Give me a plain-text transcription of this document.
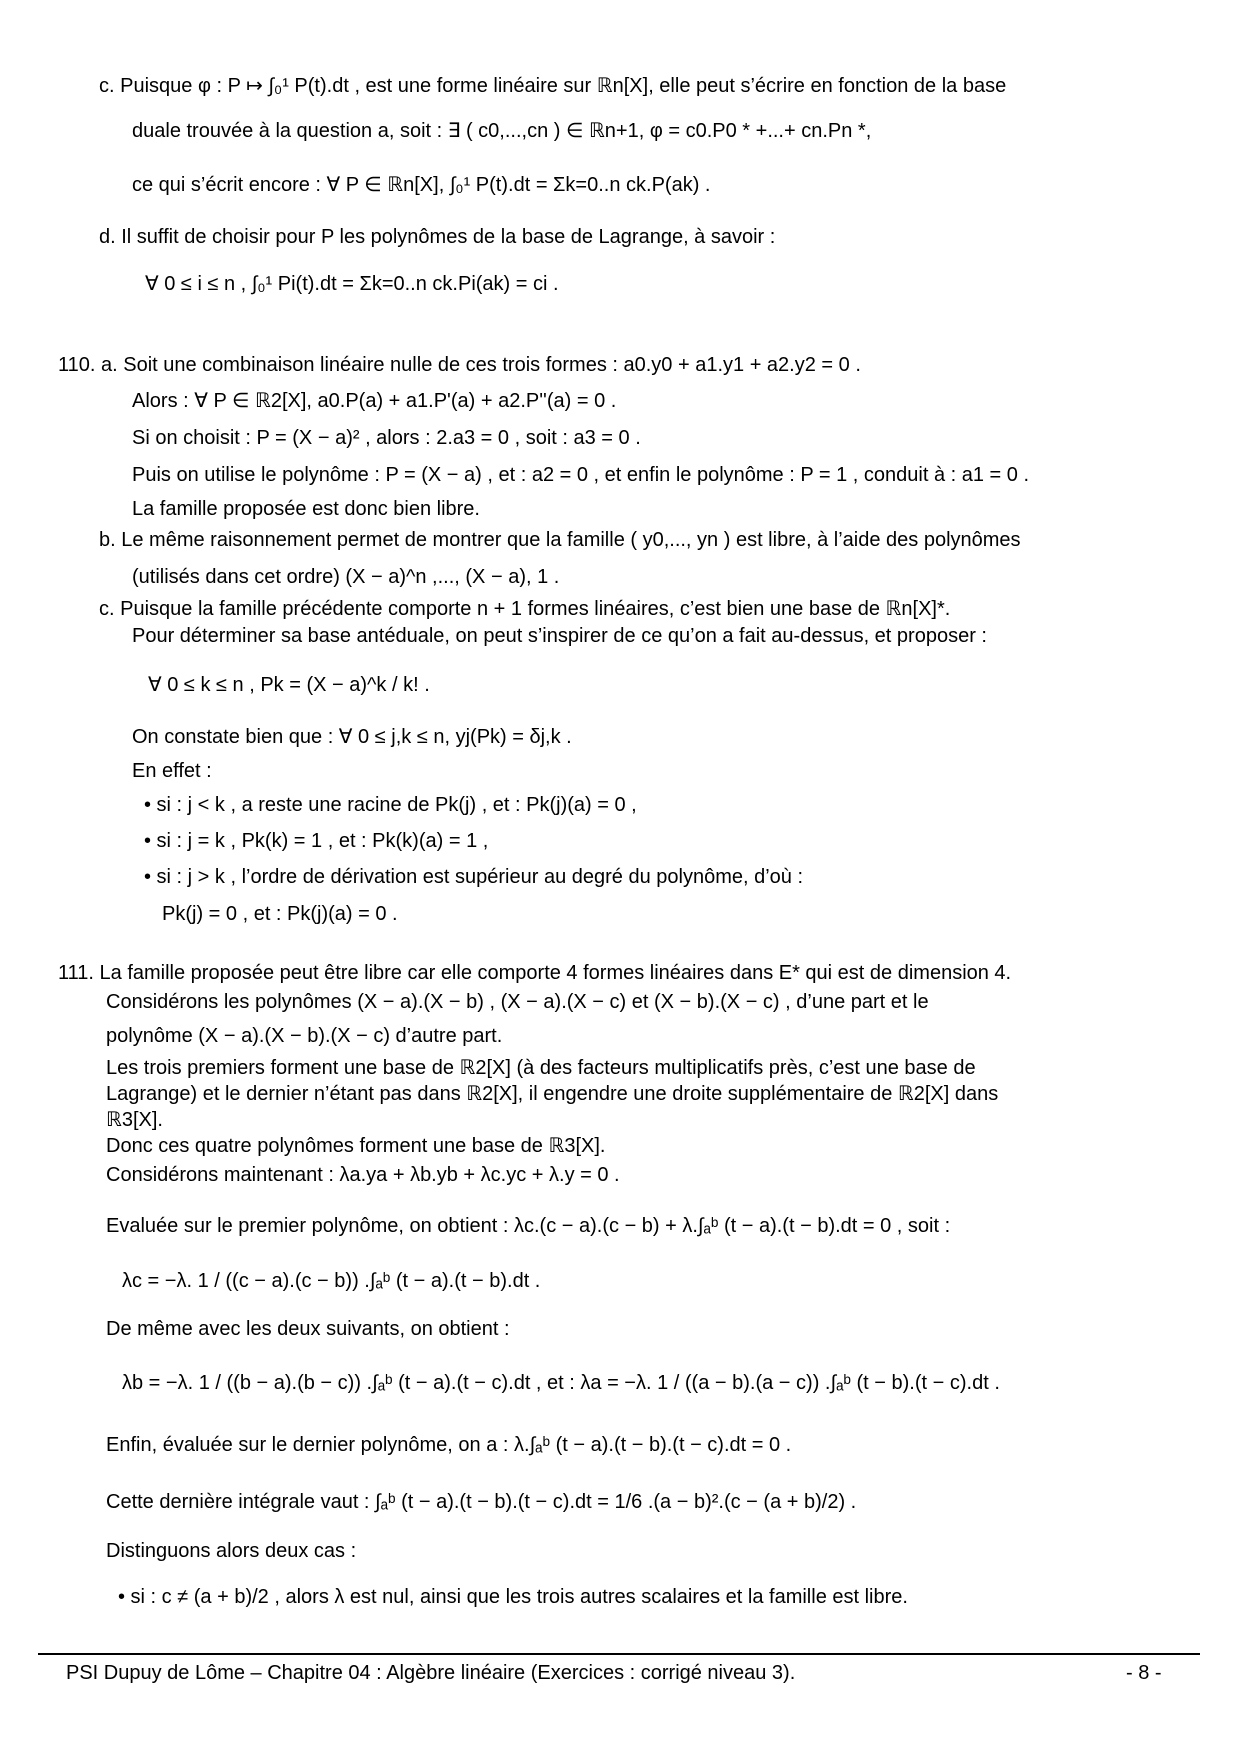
c. Puisque φ : P ↦ ∫₀¹ P(t).dt , est une forme linéaire sur ℝn[X], elle peut s’écrire en fonction de la base
duale trouvée à la question a, soit : ∃ ( c0,...,cn ) ∈ ℝn+1, φ = c0.P0 * +...+ cn.Pn *,
ce qui s’écrit encore : ∀ P ∈ ℝn[X], ∫₀¹ P(t).dt = Σk=0..n ck.P(ak) .
d. Il suffit de choisir pour P les polynômes de la base de Lagrange, à savoir :
∀ 0 ≤ i ≤ n , ∫₀¹ Pi(t).dt = Σk=0..n ck.Pi(ak) = ci .
110. a. Soit une combinaison linéaire nulle de ces trois formes : a0.y0 + a1.y1 + a2.y2 = 0 .
Alors : ∀ P ∈ ℝ2[X], a0.P(a) + a1.P'(a) + a2.P''(a) = 0 .
Si on choisit : P = (X − a)² , alors : 2.a3 = 0 , soit : a3 = 0 .
Puis on utilise le polynôme : P = (X − a) , et : a2 = 0 , et enfin le polynôme : P = 1 , conduit à : a1 = 0 .
La famille proposée est donc bien libre.
b. Le même raisonnement permet de montrer que la famille ( y0,..., yn ) est libre, à l’aide des polynômes
(utilisés dans cet ordre) (X − a)^n ,..., (X − a), 1 .
c. Puisque la famille précédente comporte n + 1 formes linéaires, c’est bien une base de ℝn[X]*.
Pour déterminer sa base antéduale, on peut s’inspirer de ce qu’on a fait au-dessus, et proposer :
∀ 0 ≤ k ≤ n , Pk = (X − a)^k / k! .
On constate bien que : ∀ 0 ≤ j,k ≤ n, yj(Pk) = δj,k .
En effet :
• si : j < k , a reste une racine de Pk(j) , et : Pk(j)(a) = 0 ,
• si : j = k , Pk(k) = 1 , et : Pk(k)(a) = 1 ,
• si : j > k , l’ordre de dérivation est supérieur au degré du polynôme, d’où :
Pk(j) = 0 , et : Pk(j)(a) = 0 .
111. La famille proposée peut être libre car elle comporte 4 formes linéaires dans E* qui est de dimension 4.
Considérons les polynômes (X − a).(X − b) , (X − a).(X − c) et (X − b).(X − c) , d’une part et le
polynôme (X − a).(X − b).(X − c) d’autre part.
Les trois premiers forment une base de ℝ2[X] (à des facteurs multiplicatifs près, c’est une base de
Lagrange) et le dernier n’étant pas dans ℝ2[X], il engendre une droite supplémentaire de ℝ2[X] dans
ℝ3[X].
Donc ces quatre polynômes forment une base de ℝ3[X].
Considérons maintenant : λa.ya + λb.yb + λc.yc + λ.y = 0 .
Evaluée sur le premier polynôme, on obtient : λc.(c − a).(c − b) + λ.∫ₐᵇ (t − a).(t − b).dt = 0 , soit :
λc = −λ. 1 / ((c − a).(c − b)) .∫ₐᵇ (t − a).(t − b).dt .
De même avec les deux suivants, on obtient :
λb = −λ. 1 / ((b − a).(b − c)) .∫ₐᵇ (t − a).(t − c).dt , et : λa = −λ. 1 / ((a − b).(a − c)) .∫ₐᵇ (t − b).(t − c).dt .
Enfin, évaluée sur le dernier polynôme, on a : λ.∫ₐᵇ (t − a).(t − b).(t − c).dt = 0 .
Cette dernière intégrale vaut : ∫ₐᵇ (t − a).(t − b).(t − c).dt = 1/6 .(a − b)².(c − (a + b)/2) .
Distinguons alors deux cas :
• si : c ≠ (a + b)/2 , alors λ est nul, ainsi que les trois autres scalaires et la famille est libre.
PSI Dupuy de Lôme – Chapitre 04 : Algèbre linéaire (Exercices : corrigé niveau 3).	- 8 -
